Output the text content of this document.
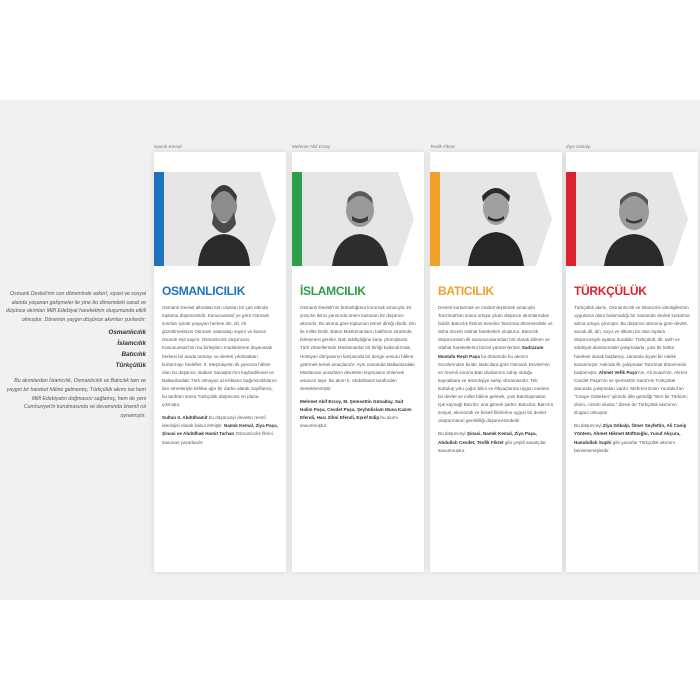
Osmanlı Devleti'nin son döneminde askerî, siyasi ve sosyal alanda yaşanan gelişmeler ile yine bu dönemdeki sanat ve düşünce akımları Millî Edebiyat hareketinin oluşumunda etkili olmuştur. Dönemin yaygın düşünce akımları şunlardır:

Osmanlıcılık
İslamcılık
Batıcılık
Türkçülük

Bu akımlardan İslamcılık, Osmanlıcılık ve Batıcılık tam ve yaygın bir hareket hâline gelmemiş; Türkçülük akımı ise hem Millî Edebiyatın doğmasını sağlamış, hem de yeni Cumhuriyet'in kurulmasında ve devamında önemli rol oynamıştır.

Namık Kemal
OSMANLICILIK

Osmanlı Devleti altındaki tüm ulusları bir çatı altında toplama düşüncesidir. Kanunuesasî ye göre Osmanlı sınırları içinde yaşayan herkes din, dil, ırk gözetilmeksizin Osmanlı vatandaşı sayılır ve kanun önünde eşit sayılır. Osmanlıcılık düşüncesi, Kanunuesasî'nin bu birleştirici maddelerine dayanarak herkesi bir arada tutmayı ve devleti yıkılmaktan kurtarmayı hedefler. II. Meşrutiyetin ilk yarısına hâkim olan bu düşünce, Balkan Savaşları'nın kaybedilmesi ve Balkanlardaki Türk olmayan azınlıkların bağımsızlıklarını ilan etmeleriyle birlikte ağır bir darbe alarak zayıflamış, bu tarihten sonra Türkçülük düşüncesi ön plana çıkmıştır.

Sultan II. Abdülhamit bu düşünceyi devletin resmî ideolojisi olarak kabul etmiştir. Namık Kemal, Ziya Paşa, Şinasi ve Abdülhak Hamit Tarhan Osmanlıcılık fikrini savunan yazarlardır.

Mehmet Akif Ersoy
İSLAMCILIK

Osmanlı Devleti'nin bütünlüğünü korumak amacıyla 19. yüzyılın ikinci yarısında önem kazanan bir düşünce akımıdır. Bu akıma göre toplumun temel direği dindir. Din ile millet birdir. Bütün Müslümanların halifenin etrafında birleşmesi gerekir. Batı taklitçiliğine karşı çıkmışlardır. Türk virtüellerinde Müslümanlar bir birliği kalkındırmak, Hristiyan dünyasının karşısında bir denge unsuru hâline getirmek temel amaçlarıdır. Aynı zamanda Balkanlardaki Müslüman unsurların devletten kopmasını önlemek amacını taşır. Bu akım II. Abdülhamit tarafından desteklenmiştir.

Mehmet Akif Ersoy, M. Şemsettin Günaltay, Sait Halim Paşa, Cevdet Paşa, Şeyhülislam Musa Kazım Efendi, Hacı Zihni Efendi, Eşref Edip bu akımı savunmuştur.

Tevfik Fikret
BATICILIK

Devleti kurtarmak ve modernleştirmek amacıyla Tanzimat'tan sonra ortaya çıkan düşünce akımlarından biridir. Batıcılık fikrinin temelini Tanzimat dönemindeki ve daha önceki ıslahat hareketleri oluşturur. Batıcılık düşüncesinin ilk savunucularından biri olarak bilinen ve ıslahat hareketlerini bizzat yürütenlerden Sadrazam Mustafa Reşit Paşa bu dönemde bu akımın öncülerinden biridir. Batıcılara göre Osmanlı Devleti'nin en önemli sorunu Batı uluslarının sahip olduğu kaynaklara ve teknolojiye sahip olmamasıdır. Tek kurtuluş yolu çağın bilim ve ihtiyaçlarına uygun medeni bir devlet ve millet hâline gelmek, yani Batılılaşmaktır. Işık kaynağı Batı'dır; ona gitmek şarttır. Batıcılar, Batı'nın sosyal, ekonomik ve felsefi fikirlerine uygun bir devlet oluşturmanın gerekliliği düşüncesindedir.

Bu düşünceyi Şinasi, Namık Kemal, Ziya Paşa, Abdullah Cevdet, Tevfik Fikret gibi çeşitli sanatçılar savunmuştur.

Ziya Gökalp
TÜRKÇÜLÜK

Türkçülük akımı, Osmanlıcılık ve İslamcılık ideolojilerinin uygulama alanı bulamadığı bir zamanda devleti kurtarma adına ortaya çıkmıştır. Bu düşünce akımına göre devlet, ancak dil, din, soyu ve ülküsü bir olan toplum düşüncesiyle ayakta durabilir. Türkçülük; dil, tarih ve edebiyat alanlarındaki çalışmalarla, yani bir kültür hareketi olarak başlamış, zamanla siyasi bir nitelik kazanmıştır. Aslında ilk çalışmalar Tanzimat döneminde başlamıştır. Ahmet Vefik Paşa'nın, Ali Suavi'nin, Ahmet Cevdet Paşa'nın ve Şemsettin Sami'nin Türkçülük alanında çalışmaları vardır. Mehmet Emin Yurdakul'un "Cenge Giderken" şiirinde dile getirdiği "Ben bir Türküm; dinim, cinsim uludur." dizesi de Türkçülük akımının sloganı olmuştur.

Bu düşünceyi Ziya Gökalp, Ömer Seyfettin, Ali Canip Yöntem, Ahmet Hikmet Müftüoğlu, Yusuf Akçura, Hamdullah Suphi gibi yazarlar Türkçülük akımını benimsemişlerdir.
